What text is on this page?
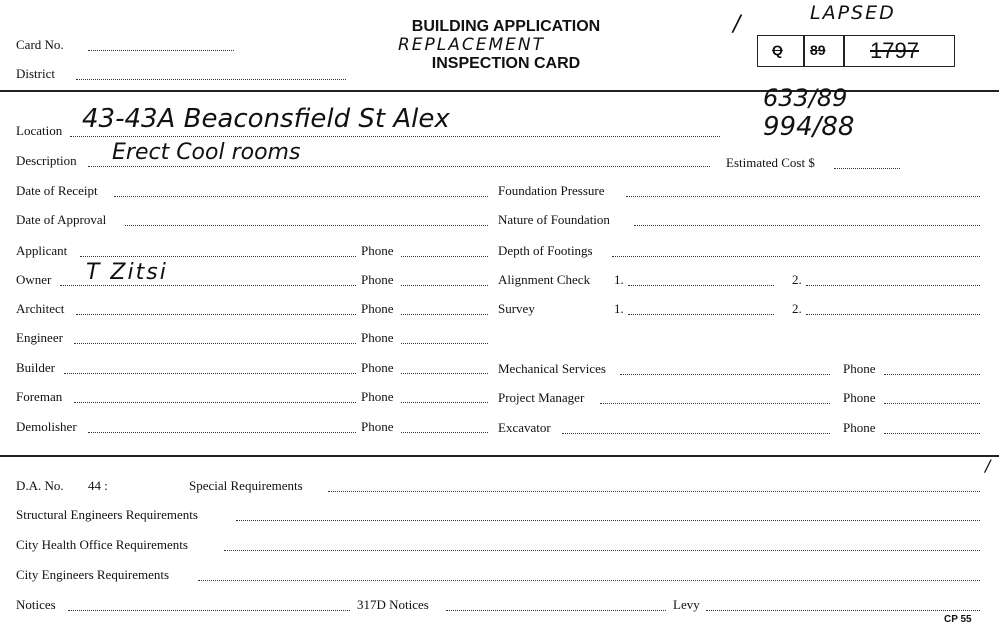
Card No.
District
BUILDING APPLICATION
REPLACEMENT
INSPECTION CARD
/	LAPSED
Q 89 1797
633/89
994/88
Location 43-43A Beaconsfield St Alex
Description Erect Cool rooms	Estimated Cost $
Date of Receipt
Date of Approval
Applicant	Phone
Owner T Zitsi	Phone
Architect	Phone
Engineer	Phone
Builder	Phone
Foreman	Phone
Demolisher	Phone
Foundation Pressure
Nature of Foundation
Depth of Footings
Alignment Check 1.	2.
Survey	1.	2.
Mechanical Services	Phone
Project Manager	Phone
Excavator	Phone
/
D.A. No. 44 :	Special Requirements
Structural Engineers Requirements
City Health Office Requirements
City Engineers Requirements
Notices	317D Notices	Levy
CP 55
